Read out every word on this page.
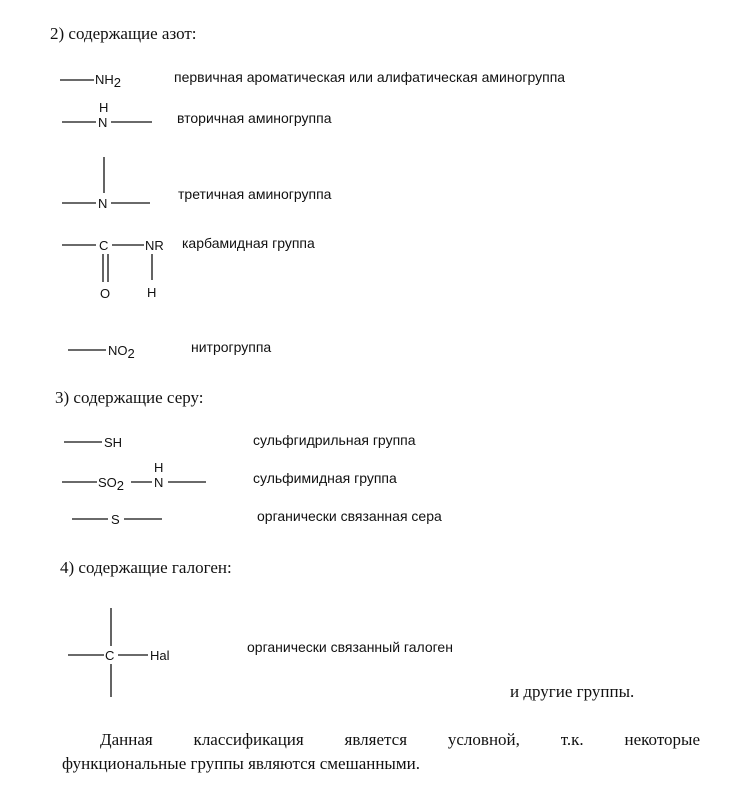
2) содержащие азот:
NH2	первичная ароматическая или алифатическая аминогруппа
H
N	вторичная аминогруппа
N
третичная аминогруппа
C	NR
O	H
карбамидная группа
NO2	нитрогруппа
3) содержащие серу:
SH	сульфгидрильная группа
SO2
H
N	сульфимидная группа
S	органически связанная сера
4) содержащие галоген:
C	Hal
органически связанный галоген
и другие группы.
Данная классификация является условной, т.к. некоторые
функциональные группы являются смешанными.
